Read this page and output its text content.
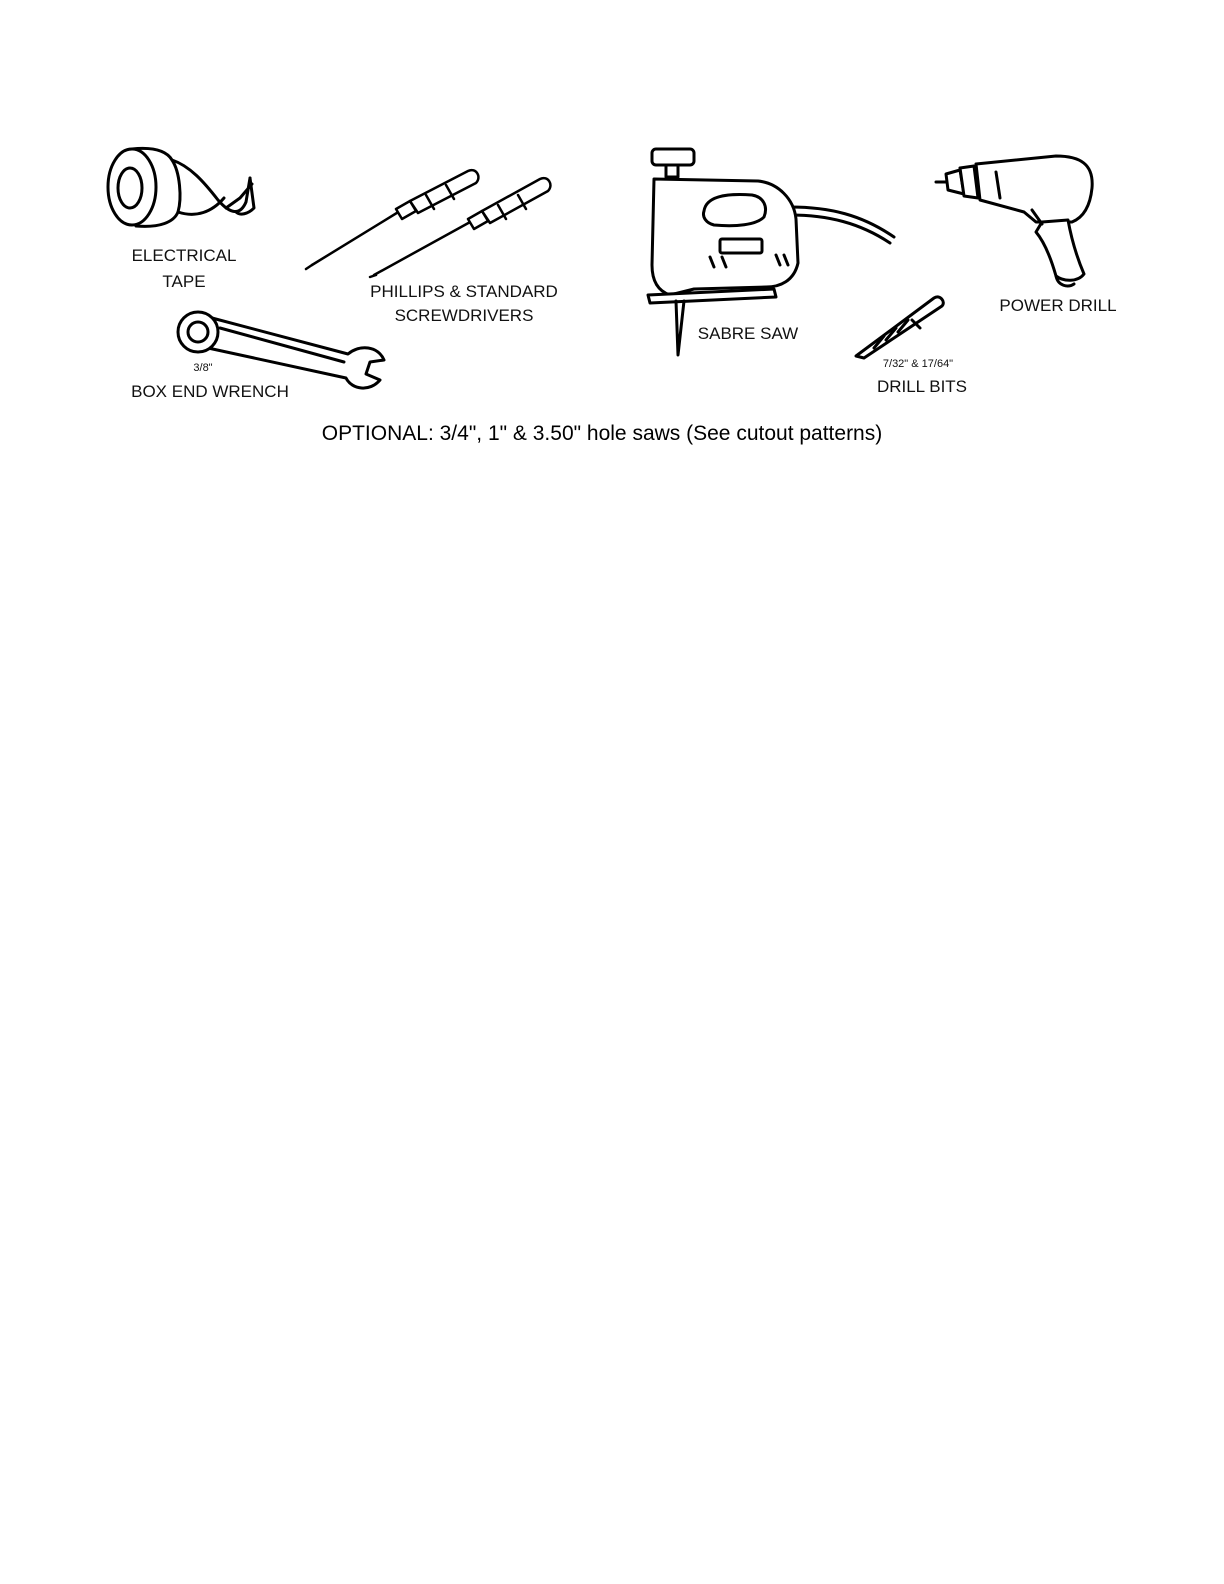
ELECTRICAL
TAPE
PHILLIPS & STANDARD
SCREWDRIVERS
3/8"
BOX END WRENCH
SABRE SAW
7/32" & 17/64"
DRILL BITS
POWER DRILL
OPTIONAL: 3/4", 1" & 3.50" hole saws (See cutout patterns)
